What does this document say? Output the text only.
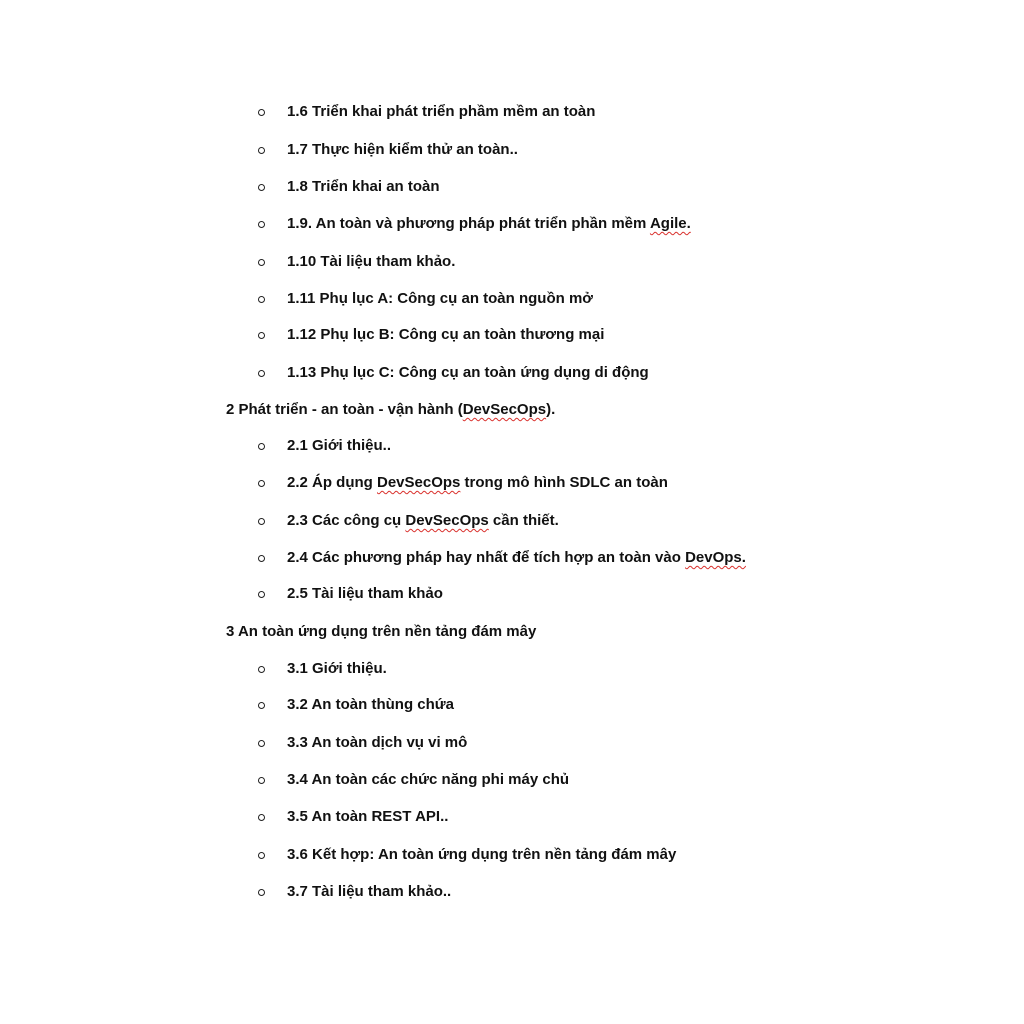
1.6 Triển khai phát triển phầm mềm an toàn
1.7 Thực hiện kiểm thử an toàn..
1.8 Triển khai an toàn
1.9. An toàn và phương pháp phát triển phần mềm Agile.
1.10 Tài liệu tham khảo.
1.11 Phụ lục A: Công cụ an toàn nguồn mở
1.12 Phụ lục B: Công cụ an toàn thương mại
1.13 Phụ lục C: Công cụ an toàn ứng dụng di động
2 Phát triển - an toàn - vận hành (DevSecOps).
2.1 Giới thiệu..
2.2 Áp dụng DevSecOps trong mô hình SDLC an toàn
2.3 Các công cụ DevSecOps cần thiết.
2.4 Các phương pháp hay nhất để tích hợp an toàn vào DevOps.
2.5 Tài liệu tham khảo
3 An toàn ứng dụng trên nền tảng đám mây
3.1 Giới thiệu.
3.2 An toàn thùng chứa
3.3 An toàn dịch vụ vi mô
3.4 An toàn các chức năng phi máy chủ
3.5 An toàn REST API..
3.6 Kết hợp: An toàn ứng dụng trên nền tảng đám mây
3.7 Tài liệu tham khảo..
